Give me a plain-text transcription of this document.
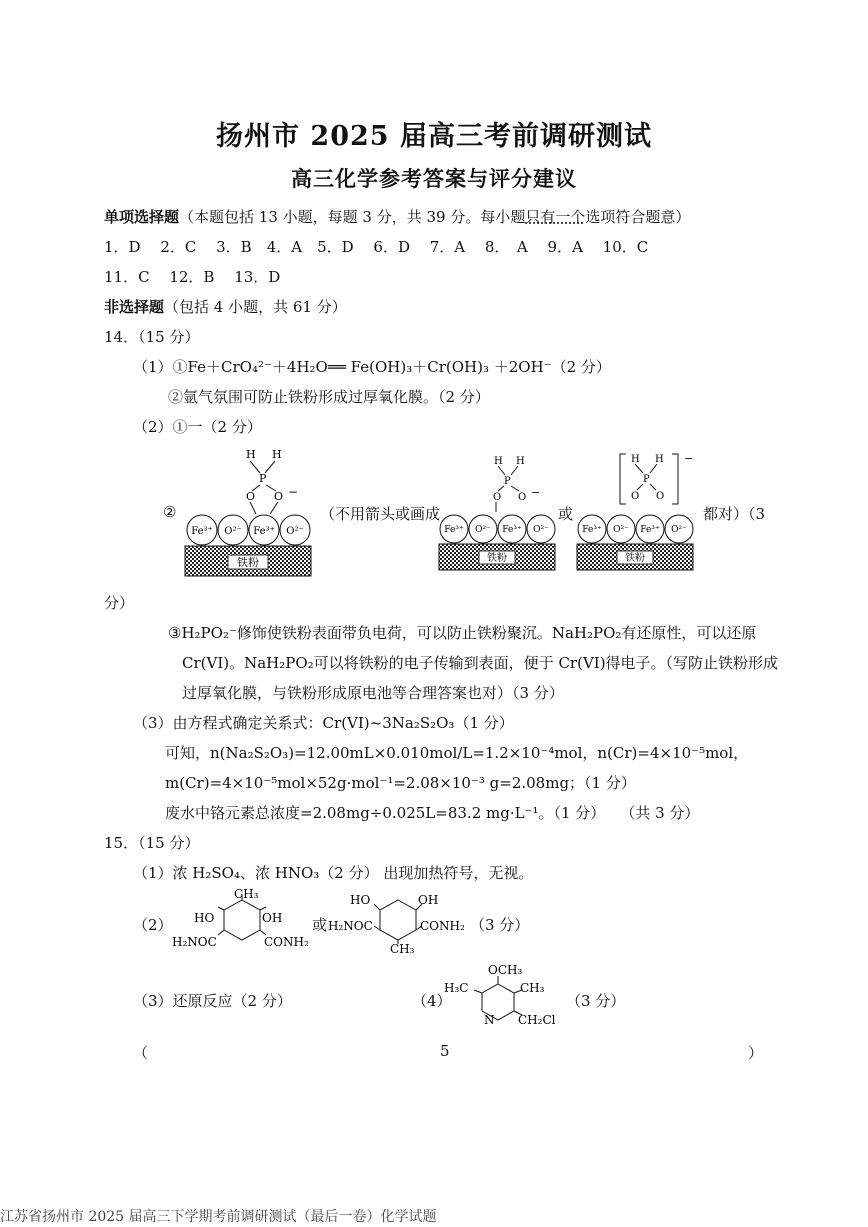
扬州市 2025 届高三考前调研测试
高三化学参考答案与评分建议
单项选择题（本题包括 13 小题，每题 3 分，共 39 分。每小题只有一个选项符合题意）
1．D　 2．C　 3．B　4．A　5．D　 6．D　 7．A　 8．　A　 9．A　 10．C
11．C　 12．B　 13．D
非选择题（包括 4 小题，共 61 分）
14．（15 分）
（1）①Fe＋CrO₄²⁻＋4H₂O══ Fe(OH)₃＋Cr(OH)₃ ＋2OH⁻（2 分）
②氩气氛围可防止铁粉形成过厚氧化膜。（2 分）
（2）①一（2 分）
②	（不用箭头或画成	或	都对）（3
分）
铁粉
Fe³⁺ O²⁻ Fe³⁺ O²⁻
H H
P
O O −
铁粉
Fe³⁺ O²⁻ Fe³⁺ O²⁻
H H
P
O O −
铁粉
Fe³⁺ O²⁻ Fe³⁺ O²⁻
H H
P
O O
−
③H₂PO₂⁻修饰使铁粉表面带负电荷，可以防止铁粉聚沉。NaH₂PO₂有还原性，可以还原
Cr(VI)。NaH₂PO₂可以将铁粉的电子传输到表面，便于 Cr(VI)得电子。（写防止铁粉形成
过厚氧化膜，与铁粉形成原电池等合理答案也对）（3 分）
（3）由方程式确定关系式：Cr(VI)~3Na₂S₂O₃（1 分）
可知，n(Na₂S₂O₃)=12.00mL×0.010mol/L=1.2×10⁻⁴mol，n(Cr)=4×10⁻⁵mol，
m(Cr)=4×10⁻⁵mol×52g·mol⁻¹=2.08×10⁻³ g=2.08mg；（1 分）
废水中铬元素总浓度=2.08mg÷0.025L=83.2 mg·L⁻¹。（1 分）　　（共 3 分）
15．（15 分）
（1）浓 H₂SO₄、浓 HNO₃（2 分） 出现加热符号，无视。
（2）
CH₃
HO	OH
H₂NOC	CONH₂
或
HO	OH
H₂NOC	CONH₂
CH₃
（3 分）
（3）还原反应（2 分）	（4）
OCH₃
H₃C	CH₃
N CH₂Cl
（3 分）
（	5	）
江苏省扬州市 2025 届高三下学期考前调研测试（最后一卷）化学试题
